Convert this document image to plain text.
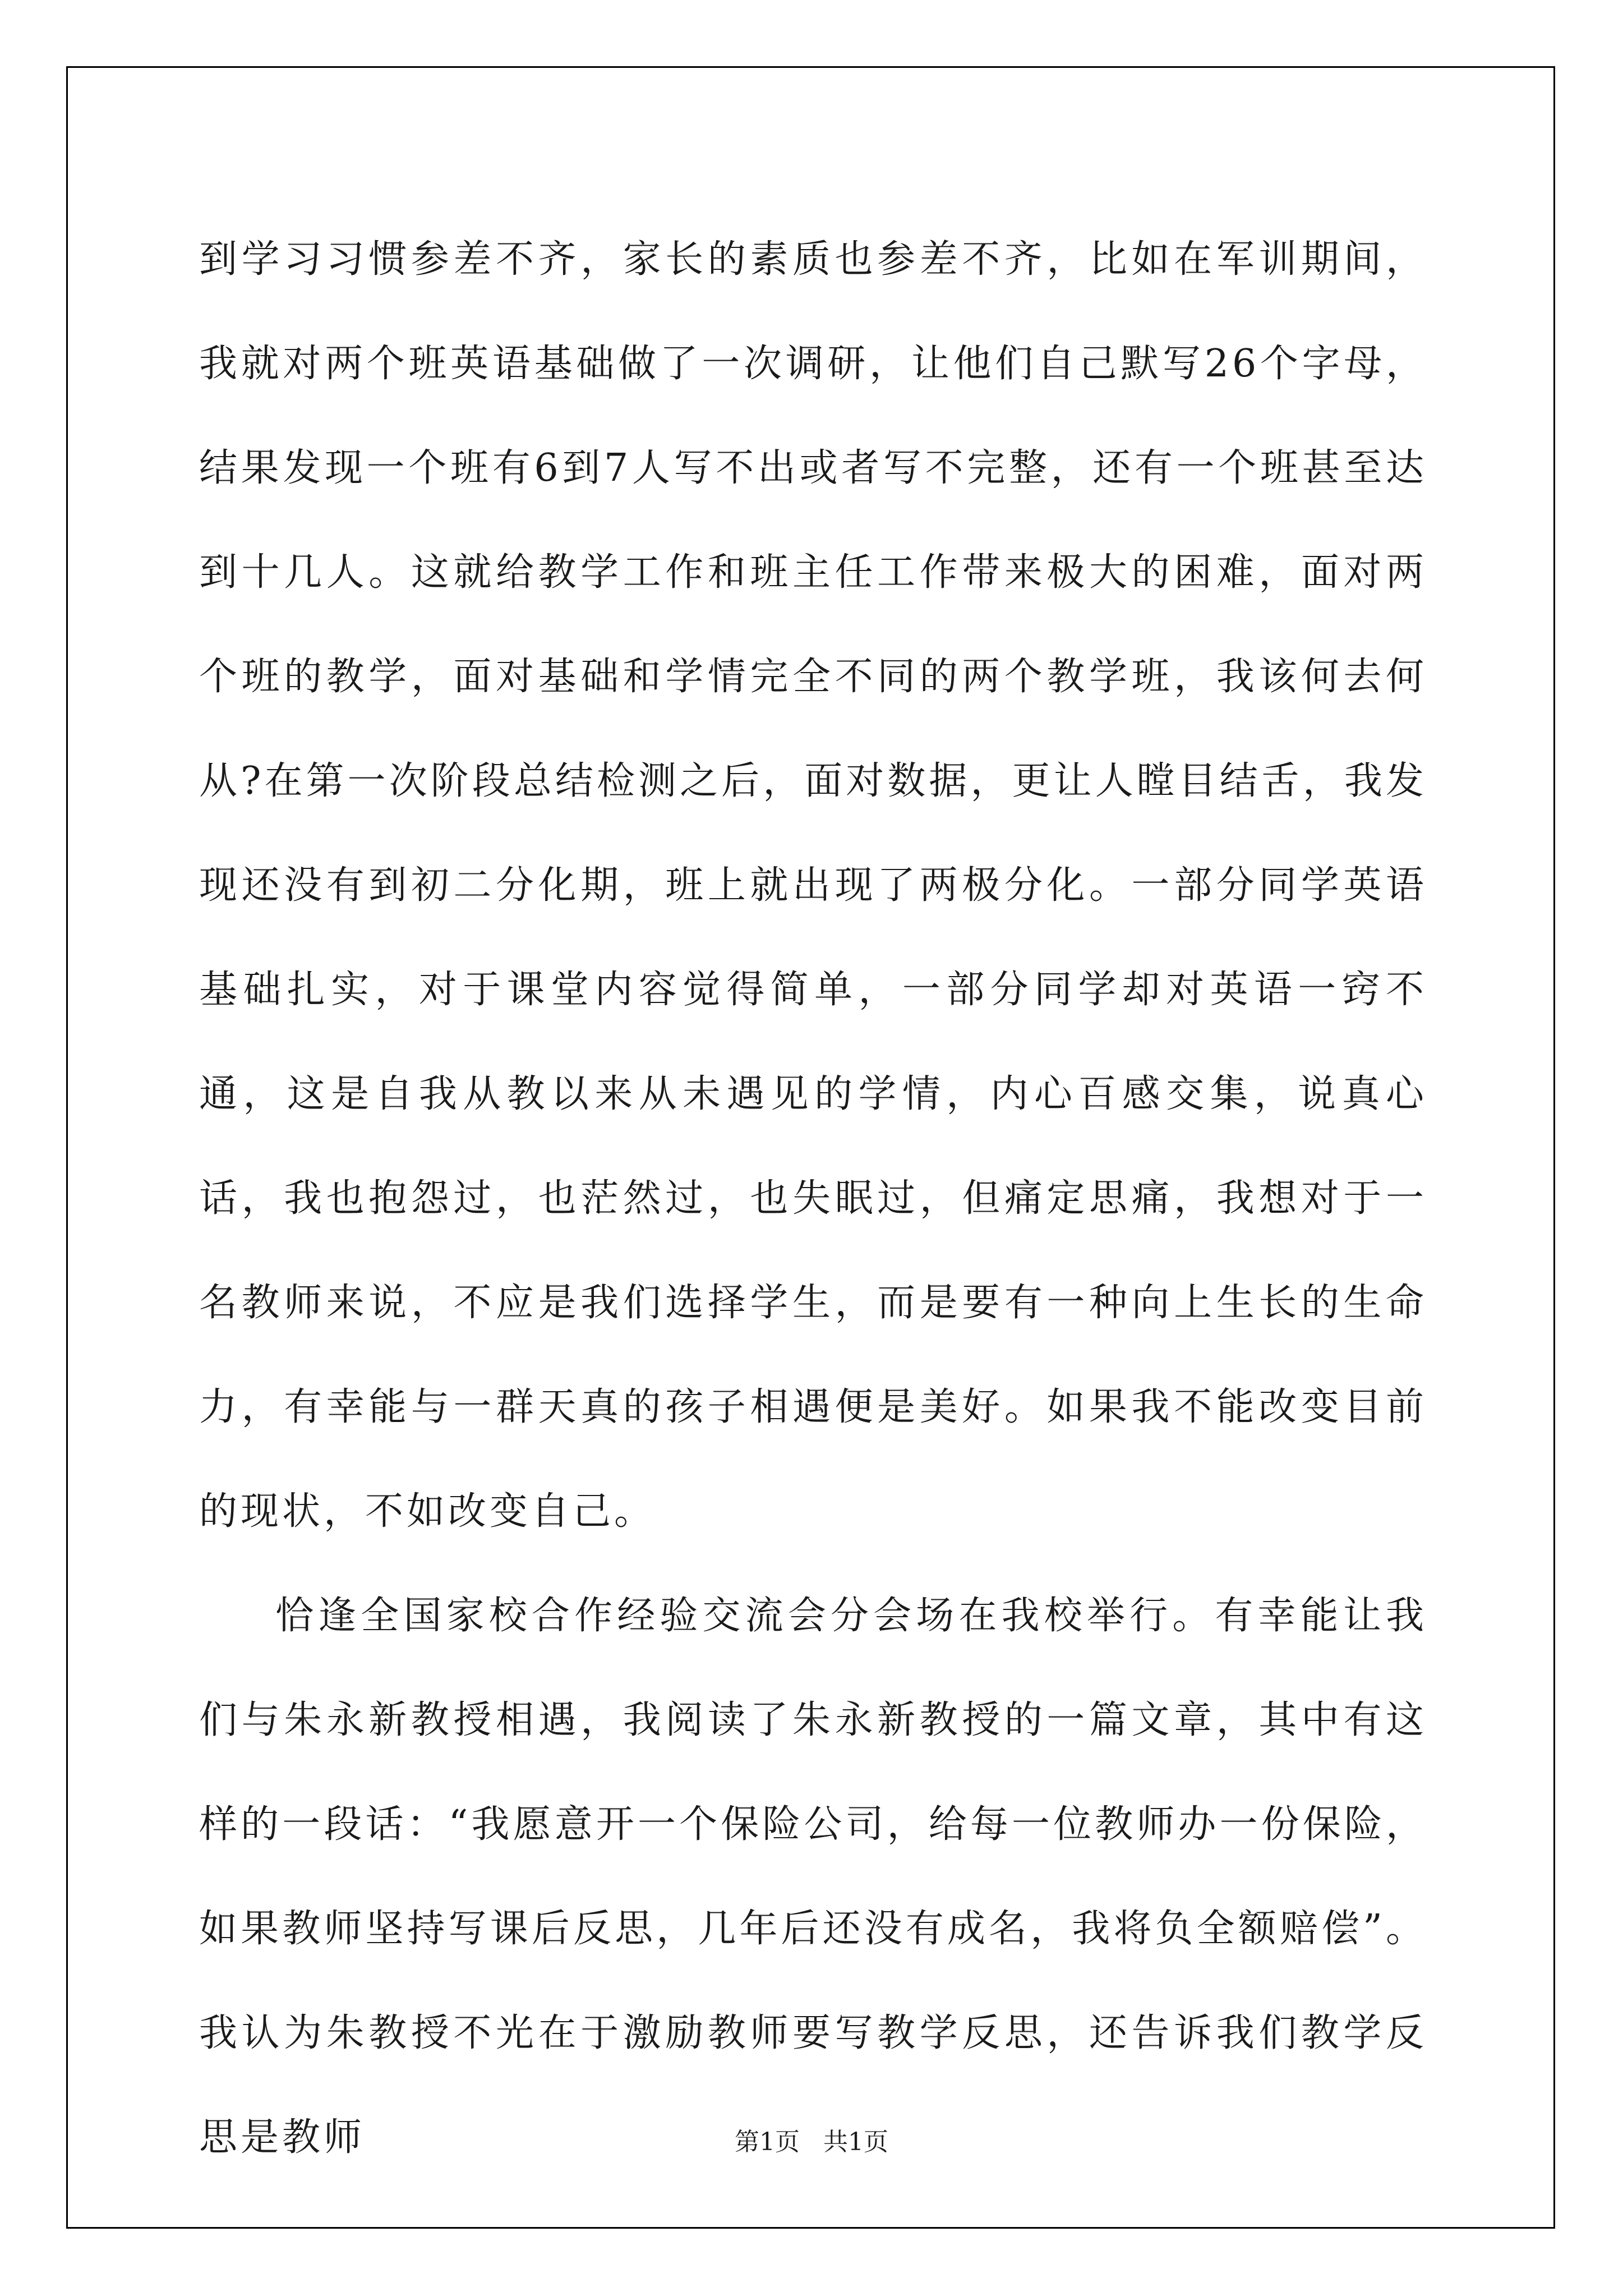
到学习习惯参差不齐，家长的素质也参差不齐，比如在军训期间，我就对两个班英语基础做了一次调研，让他们自己默写26个字母，结果发现一个班有6到7人写不出或者写不完整，还有一个班甚至达到十几人。这就给教学工作和班主任工作带来极大的困难，面对两个班的教学，面对基础和学情完全不同的两个教学班，我该何去何从?在第一次阶段总结检测之后，面对数据，更让人瞠目结舌，我发现还没有到初二分化期，班上就出现了两极分化。一部分同学英语基础扎实，对于课堂内容觉得简单，一部分同学却对英语一窍不通，这是自我从教以来从未遇见的学情，内心百感交集，说真心话，我也抱怨过，也茫然过，也失眠过，但痛定思痛，我想对于一名教师来说，不应是我们选择学生，而是要有一种向上生长的生命力，有幸能与一群天真的孩子相遇便是美好。如果我不能改变目前的现状，不如改变自己。

恰逢全国家校合作经验交流会分会场在我校举行。有幸能让我们与朱永新教授相遇，我阅读了朱永新教授的一篇文章，其中有这样的一段话：“我愿意开一个保险公司，给每一位教师办一份保险，如果教师坚持写课后反思，几年后还没有成名，我将负全额赔偿”。我认为朱教授不光在于激励教师要写教学反思，还告诉我们教学反思是教师	第1页   共1页
